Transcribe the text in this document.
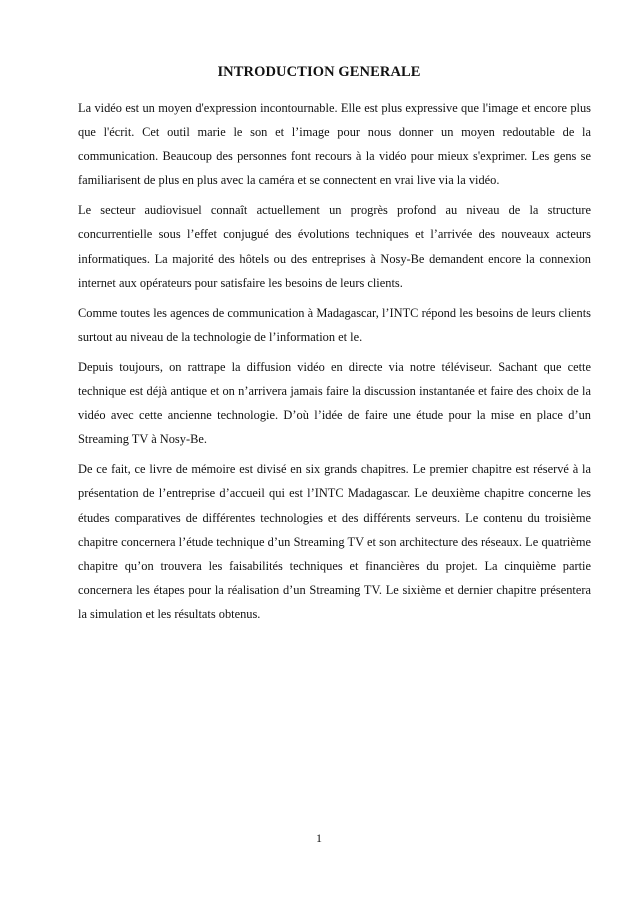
INTRODUCTION GENERALE

La vidéo est un moyen d'expression incontournable. Elle est plus expressive que l'image et encore plus que l'écrit. Cet outil marie le son et l’image pour nous donner un moyen redoutable de la communication. Beaucoup des personnes font recours à la vidéo pour mieux s'exprimer. Les gens se familiarisent de plus en plus avec la caméra et se connectent en vrai live via la vidéo.

Le secteur audiovisuel connaît actuellement un progrès profond au niveau de la structure concurrentielle sous l’effet conjugué des évolutions techniques et l’arrivée des nouveaux acteurs informatiques. La majorité des hôtels ou des entreprises à Nosy-Be demandent encore la connexion internet aux opérateurs pour satisfaire les besoins de leurs clients.

Comme toutes les agences de communication à Madagascar, l’INTC répond les besoins de leurs clients surtout au niveau de la technologie de l’information et le.

Depuis toujours, on rattrape la diffusion vidéo en directe via notre téléviseur. Sachant que cette technique est déjà antique et on n’arrivera jamais faire la discussion instantanée et faire des choix de la vidéo avec cette ancienne technologie. D’où l’idée de faire une étude pour la mise en place d’un Streaming TV à Nosy-Be.

De ce fait, ce livre de mémoire est divisé en six grands chapitres. Le premier chapitre est réservé à la présentation de l’entreprise d’accueil qui est l’INTC Madagascar. Le deuxième chapitre concerne les études comparatives de différentes technologies et des différents serveurs. Le contenu du troisième chapitre concernera l’étude technique d’un Streaming TV et son architecture des réseaux. Le quatrième chapitre qu’on trouvera les faisabilités techniques et financières du projet. La cinquième partie concernera les étapes pour la réalisation d’un Streaming TV. Le sixième et dernier chapitre présentera la simulation et les résultats obtenus.

1
